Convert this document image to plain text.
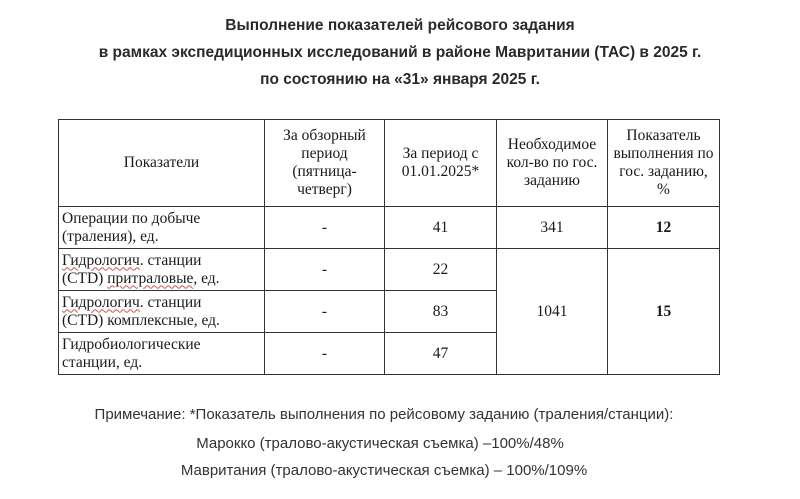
Выполнение показателей рейсового задания
в рамках экспедиционных исследований в районе Мавритании (ТАС) в 2025 г.
по состоянию на «31» января 2025 г.
Показатели	За обзорный период (пятница-четверг)	За период с 01.01.2025*	Необходимое кол-во по гос. заданию	Показатель выполнения по гос. заданию, %
Операции по добыче
(траления), ед.	-	41	341	12
Гидрологич. станции
(CTD) притраловые, ед.	-	22	1041	15
Гидрологич. станции
(CTD) комплексные, ед.	-	83		
Гидробиологические
станции, ед.	-	47		
Примечание: *Показатель выполнения по рейсовому заданию (траления/станции):
Марокко (тралово-акустическая съемка) –100%/48%
Мавритания (тралово-акустическая съемка) – 100%/109%
